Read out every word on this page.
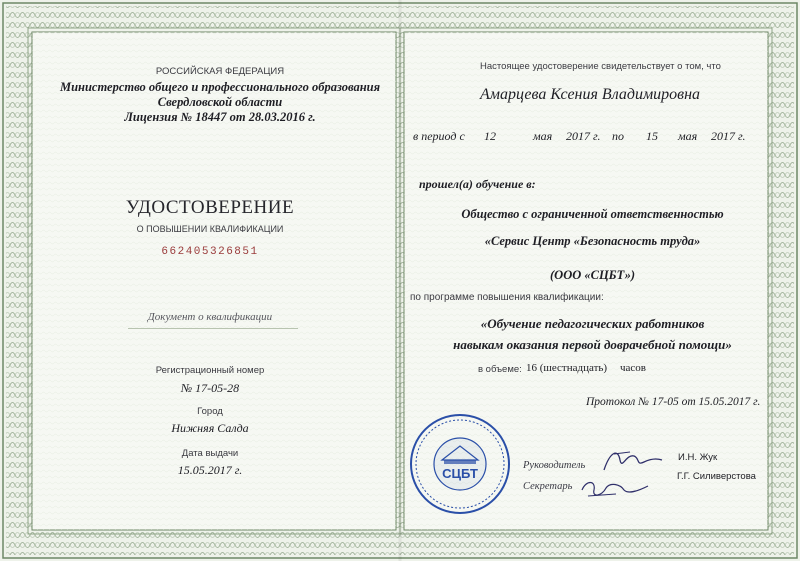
РОССИЙСКАЯ ФЕДЕРАЦИЯ
Министерство общего и профессионального образования
Свердловской области
Лицензия № 18447 от 28.03.2016 г.
УДОСТОВЕРЕНИЕ
О ПОВЫШЕНИИ КВАЛИФИКАЦИИ
662405326851
Документ о квалификации
Регистрационный номер
№ 17-05-28
Город
Нижняя Салда
Дата выдачи
15.05.2017 г.
Настоящее удостоверение свидетельствует о том, что
Амарцева Ксения Владимировна
в период с 12	мая 2017 г. по 15 мая 2017 г.
прошел(а) обучение в:
Общество с ограниченной ответственностью
«Сервис Центр «Безопасность труда»
(ООО «СЦБТ»)
по программе повышения квалификации:
«Обучение педагогических работников
навыкам оказания первой доврачебной помощи»
в объеме: 16 (шестнадцать) часов
Протокол № 17-05 от 15.05.2017 г.
Руководитель
И.Н. Жук
Секретарь
Г.Г. Силиверстова
СЦБТ
